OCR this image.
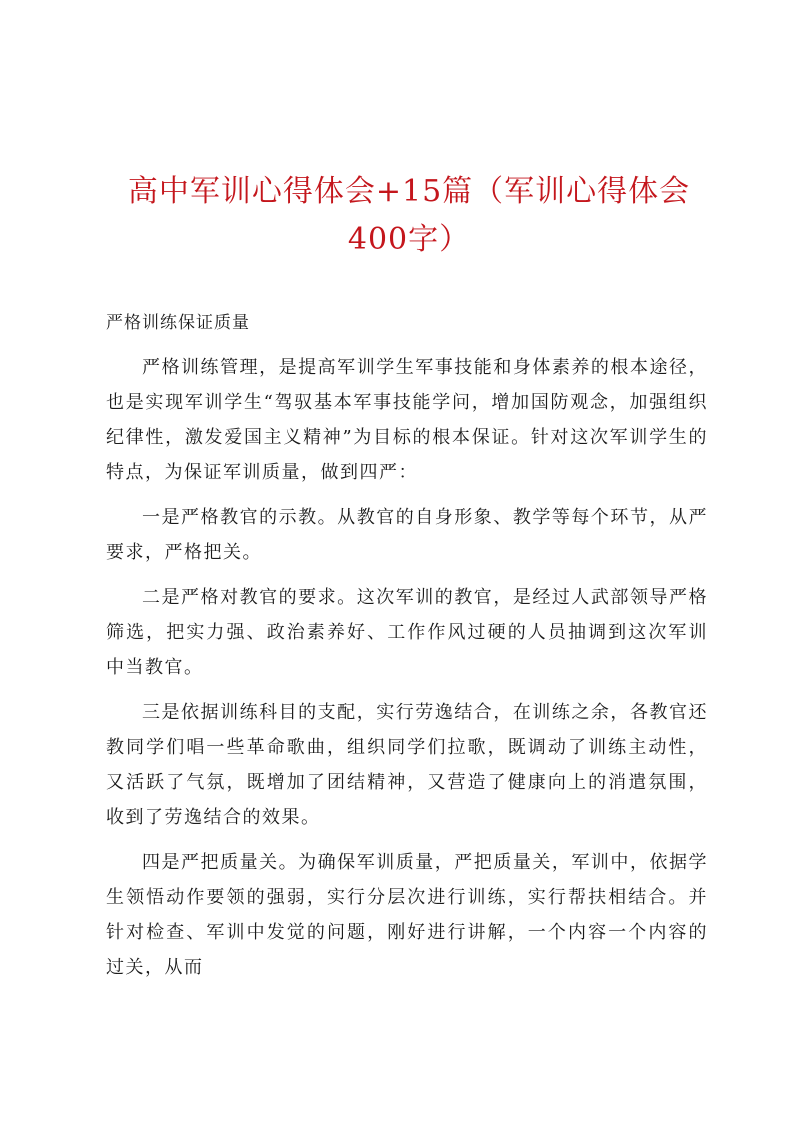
高中军训心得体会+15篇（军训心得体会400字）
严格训练保证质量

严格训练管理，是提高军训学生军事技能和身体素养的根本途径，也是实现军训学生“驾驭基本军事技能学问，增加国防观念，加强组织纪律性，激发爱国主义精神”为目标的根本保证。针对这次军训学生的特点，为保证军训质量，做到四严：

一是严格教官的示教。从教官的自身形象、教学等每个环节，从严要求，严格把关。

二是严格对教官的要求。这次军训的教官，是经过人武部领导严格筛选，把实力强、政治素养好、工作作风过硬的人员抽调到这次军训中当教官。

三是依据训练科目的支配，实行劳逸结合，在训练之余，各教官还教同学们唱一些革命歌曲，组织同学们拉歌，既调动了训练主动性，又活跃了气氛，既增加了团结精神，又营造了健康向上的消遣氛围，收到了劳逸结合的效果。

四是严把质量关。为确保军训质量，严把质量关，军训中，依据学生领悟动作要领的强弱，实行分层次进行训练，实行帮扶相结合。并针对检查、军训中发觉的问题，刚好进行讲解，一个内容一个内容的过关，从而
